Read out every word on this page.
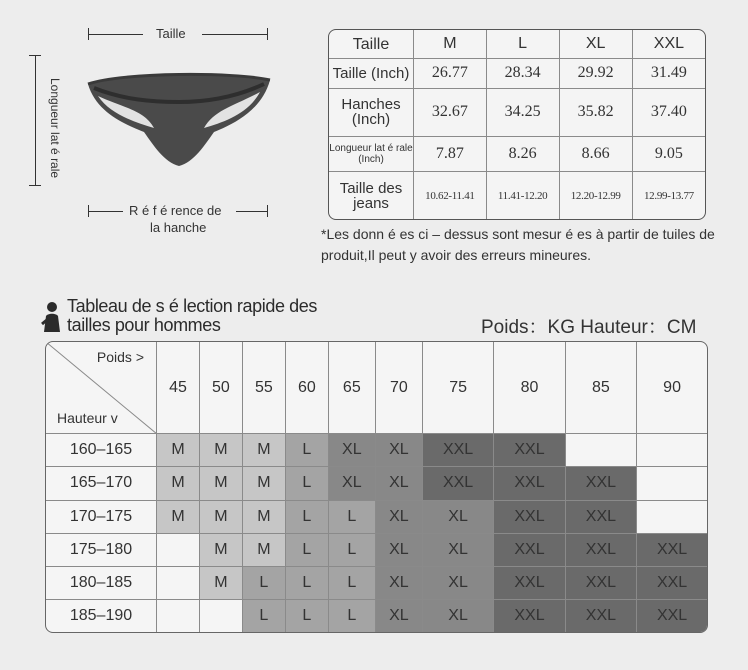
Taille
Longueur lat é rale
R é f é rence de
la hanche
Taille	M	L	XL	XXL
Taille (Inch)	26.77	28.34	29.92	31.49
Hanches (Inch)	32.67	34.25	35.82	37.40
Longueur lat é rale (Inch)	7.87	8.26	8.66	9.05
Taille des jeans	10.62-11.41	11.41-12.20	12.20-12.99	12.99-13.77
*Les donn é es ci – dessus sont mesur é es à partir de tuiles de produit,Il peut y avoir des erreurs mineures.
Tableau de s é lection rapide des
tailles pour hommes	Poids：KG Hauteur：CM
Poids >
Hauteur v	45	50	55	60	65	70	75	80	85	90
160–165	M	M	M	L	XL	XL	XXL	XXL		
165–170	M	M	M	L	XL	XL	XXL	XXL	XXL	
170–175	M	M	M	L	L	XL	XL	XXL	XXL	
175–180		M	M	L	L	XL	XL	XXL	XXL	XXL
180–185		M	L	L	L	XL	XL	XXL	XXL	XXL
185–190			L	L	L	XL	XL	XXL	XXL	XXL
